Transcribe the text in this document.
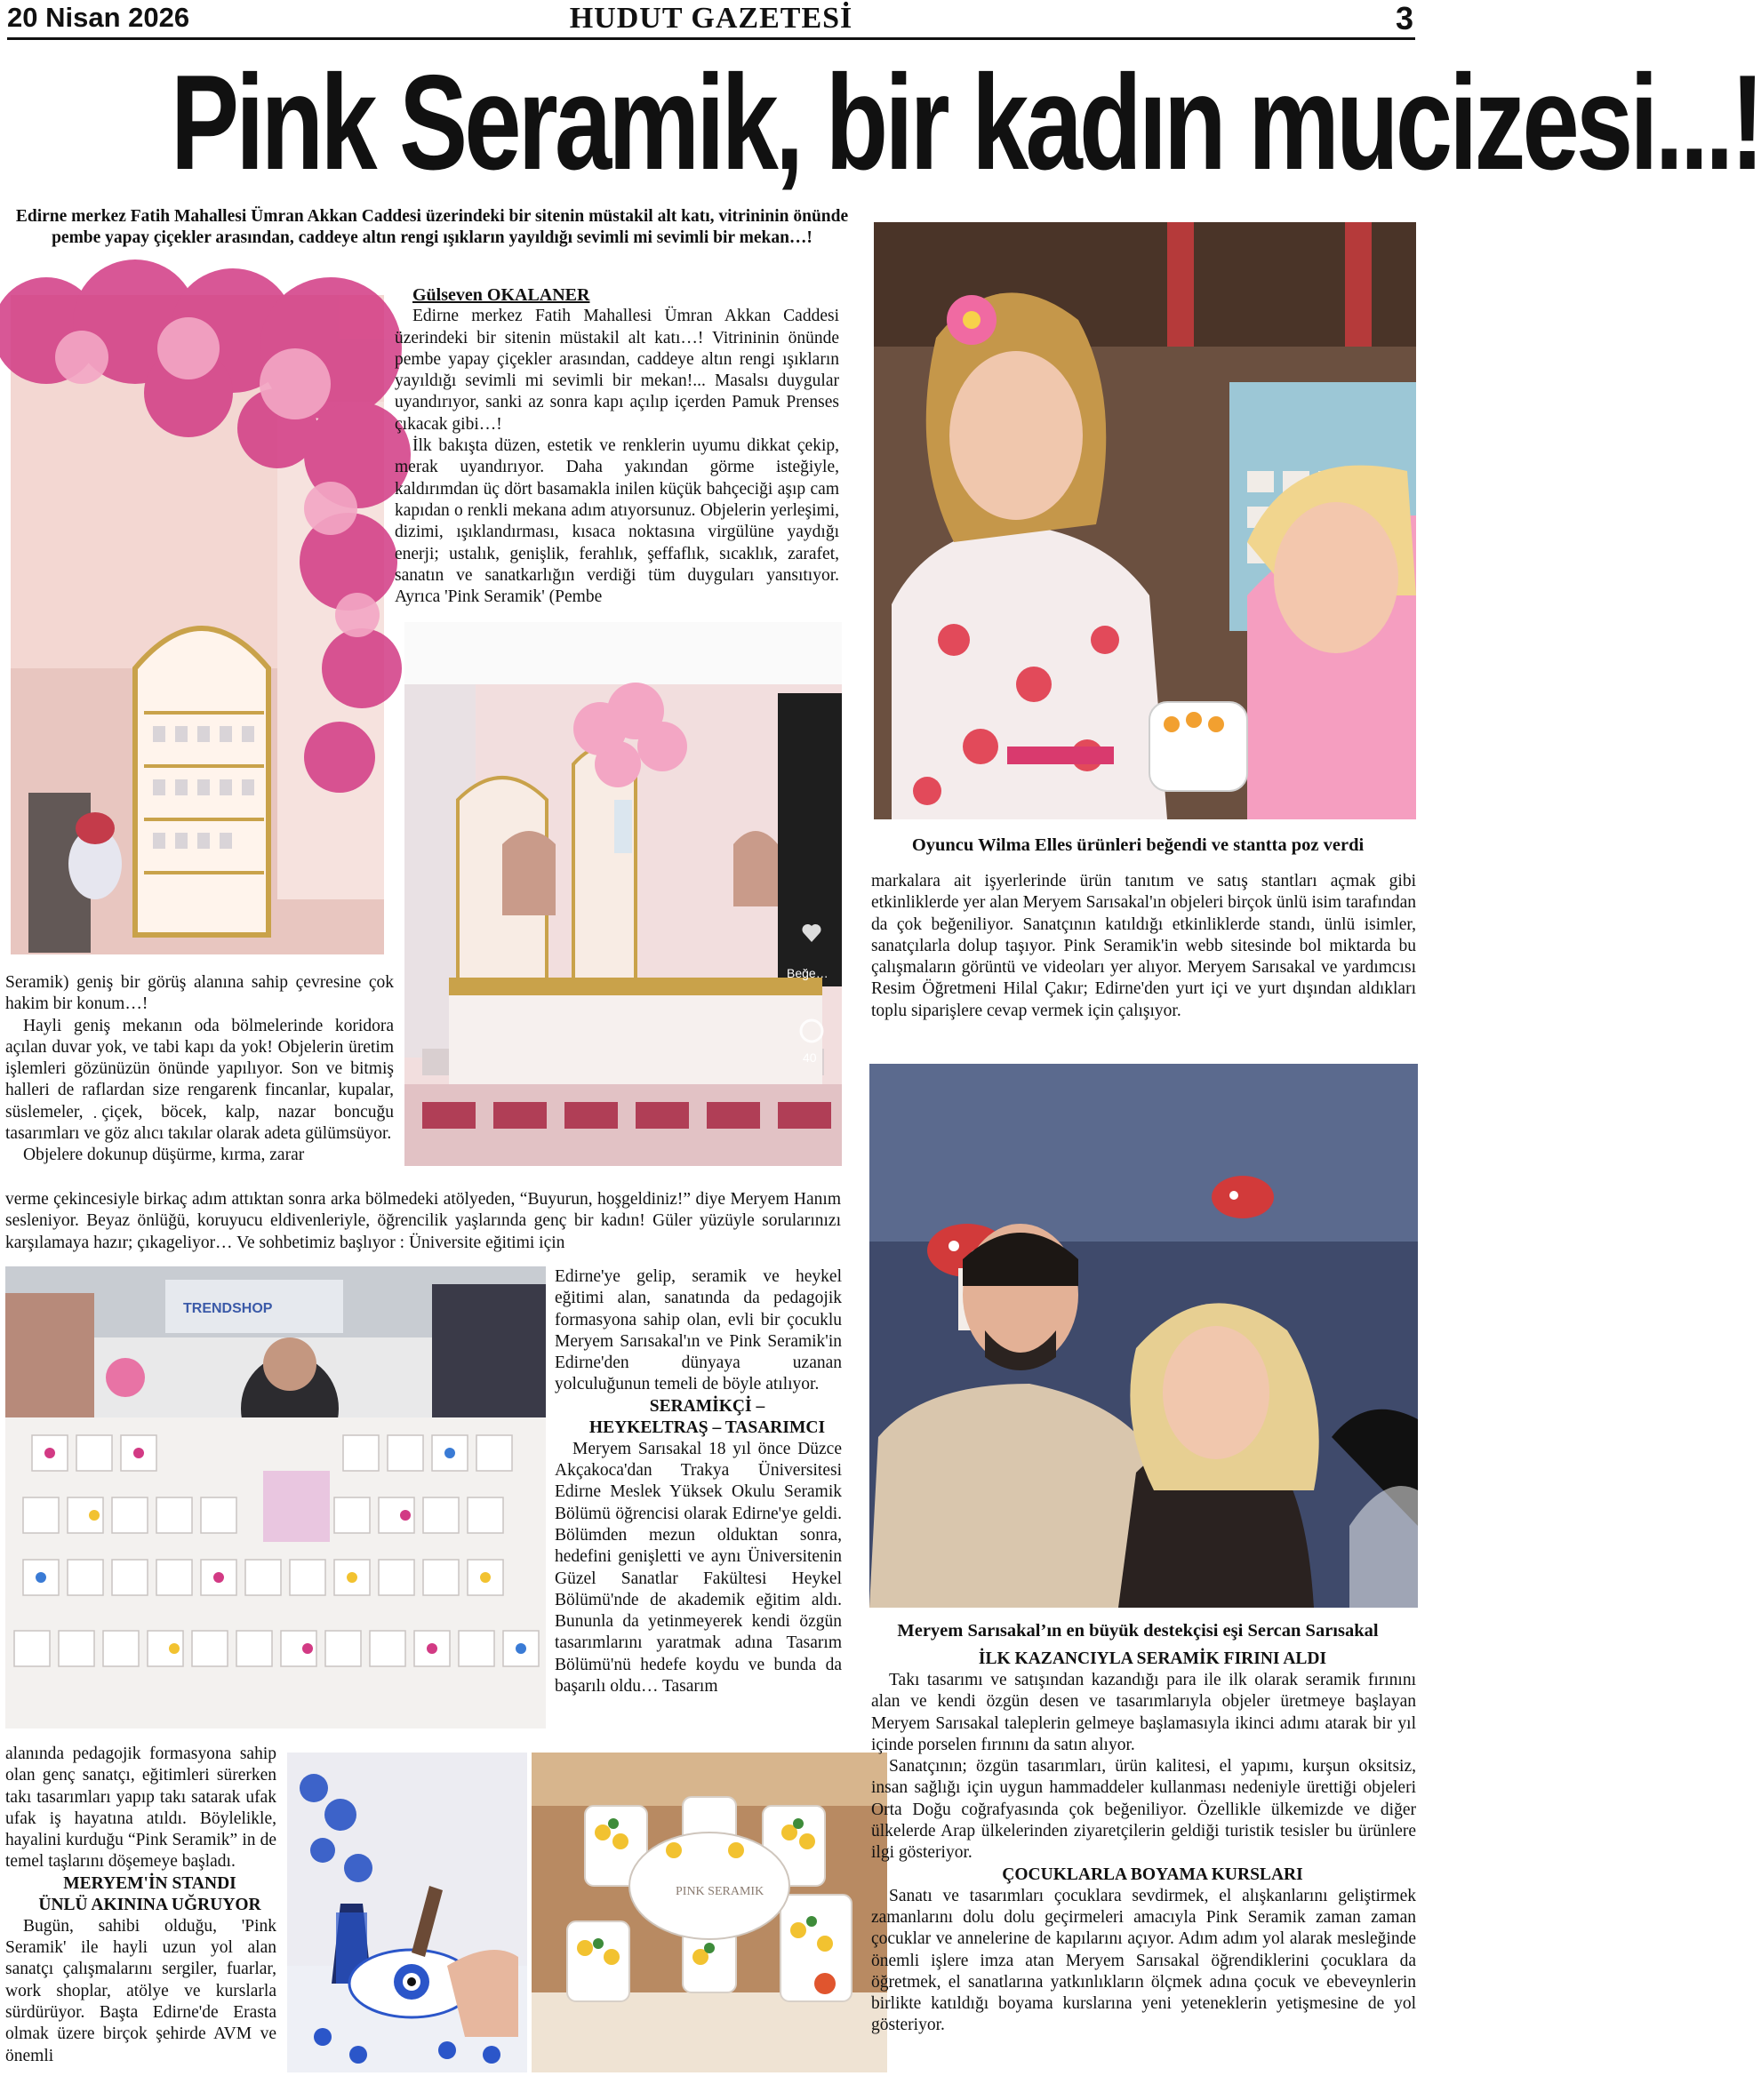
20 Nisan 2026	HUDUT GAZETESİ	3
Pink Seramik, bir kadın mucizesi...!
Edirne merkez Fatih Mahallesi Ümran Akkan Caddesi üzerindeki bir sitenin müstakil alt katı, vitrininin önünde pembe yapay çiçekler arasından, caddeye altın rengi ışıkların yayıldığı sevimli mi sevimli bir mekan…!

Gülseven OKALANER

Edirne merkez Fatih Mahallesi Ümran Akkan Caddesi üzerindeki bir sitenin müstakil alt katı…! Vitrininin önünde pembe yapay çiçekler arasından, caddeye altın rengi ışıkların yayıldığı sevimli mi sevimli bir mekan!... Masalsı duygular uyandırıyor, sanki az sonra kapı açılıp içerden Pamuk Prenses çıkacak gibi…!

İlk bakışta düzen, estetik ve renklerin uyumu dikkat çekip, merak uyandırıyor. Daha yakından görme isteğiyle, kaldırımdan üç dört basamakla inilen küçük bahçeciği aşıp cam kapıdan o renkli mekana adım atıyorsunuz. Objelerin yerleşimi, dizimi, ışıklandırması, kısaca noktasına virgülüne yaydığı enerji; ustalık, genişlik, ferahlık, şeffaflık, sıcaklık, zarafet, sanatın ve sanatkarlığın verdiği tüm duyguları yansıtıyor. Ayrıca 'Pink Seramik' (Pembe

Beğe…
40

Seramik) geniş bir görüş alanına sahip çevresine çok hakim bir konum…!

Hayli geniş mekanın oda bölmelerinde koridora açılan duvar yok, ve tabi kapı da yok! Objelerin üretim işlemleri gözünüzün önünde yapılıyor. Son ve bitmiş halleri de raflardan size rengarenk fincanlar, kupalar, süslemeler, çiçek, böcek, kalp, nazar boncuğu tasarımları ve göz alıcı takılar olarak adeta gülümsüyor.

Objelere dokunup düşürme, kırma, zarar

verme çekincesiyle birkaç adım attıktan sonra arka bölmedeki atölyeden, “Buyurun, hoşgeldiniz!” diye Meryem Hanım sesleniyor. Beyaz önlüğü, koruyucu eldivenleriyle, öğrencilik yaşlarında genç bir kadın! Güler yüzüyle sorularınızı karşılamaya hazır; çıkageliyor… Ve sohbetimiz başlıyor : Üniversite eğitimi için

TRENDSHOP

Edirne'ye gelip, seramik ve heykel eğitimi alan, sanatında da pedagojik formasyona sahip olan, evli bir çocuklu Meryem Sarısakal'ın ve Pink Seramik'in Edirne'den dünyaya uzanan yolculuğunun temeli de böyle atılıyor.

SERAMİKÇİ –

HEYKELTRAŞ – TASARIMCI

Meryem Sarısakal 18 yıl önce Düzce Akçakoca'dan Trakya Üniversitesi Edirne Meslek Yüksek Okulu Seramik Bölümü öğrencisi olarak Edirne'ye geldi. Bölümden mezun olduktan sonra, hedefini genişletti ve aynı Üniversitenin Güzel Sanatlar Fakültesi Heykel Bölümü'nde de akademik eğitim aldı. Bununla da yetinmeyerek kendi özgün tasarımlarını yaratmak adına Tasarım Bölümü'nü hedefe koydu ve bunda da başarılı oldu… Tasarım

alanında pedagojik formasyona sahip olan genç sanatçı, eğitimleri sürerken takı tasarımları yapıp takı satarak ufak ufak iş hayatına atıldı. Böylelikle, hayalini kurduğu “Pink Seramik” in de temel taşlarını döşemeye başladı.

MERYEM'İN STANDI

ÜNLÜ AKININA UĞRUYOR

Bugün, sahibi olduğu, 'Pink Seramik' ile hayli uzun yol alan sanatçı çalışmalarını sergiler, fuarlar, work shoplar, atölye ve kurslarla sürdürüyor. Başta Edirne'de Erasta olmak üzere birçok şehirde AVM ve önemli

PINK SERAMIK
Oyuncu Wilma Elles ürünleri beğendi ve stantta poz verdi

markalara ait işyerlerinde ürün tanıtım ve satış stantları açmak gibi etkinliklerde yer alan Meryem Sarısakal'ın objeleri birçok ünlü isim tarafından da çok beğeniliyor. Sanatçının katıldığı etkinliklerde standı, ünlü isimler, sanatçılarla dolup taşıyor. Pink Seramik'in webb sitesinde bol miktarda bu çalışmaların görüntü ve videoları yer alıyor. Meryem Sarısakal ve yardımcısı Resim Öğretmeni Hilal Çakır; Edirne'den yurt içi ve yurt dışından aldıkları toplu siparişlere cevap vermek için çalışıyor.

Meryem Sarısakal’ın en büyük destekçisi eşi Sercan Sarısakal

İLK KAZANCIYLA SERAMİK FIRINI ALDI

Takı tasarımı ve satışından kazandığı para ile ilk olarak seramik fırınını alan ve kendi özgün desen ve tasarımlarıyla objeler üretmeye başlayan Meryem Sarısakal taleplerin gelmeye başlamasıyla ikinci adımı atarak bir yıl içinde porselen fırınını da satın alıyor.

Sanatçının; özgün tasarımları, ürün kalitesi, el yapımı, kurşun oksitsiz, insan sağlığı için uygun hammaddeler kullanması nedeniyle ürettiği objeleri Orta Doğu coğrafyasında çok beğeniliyor. Özellikle ülkemizde ve diğer ülkelerde Arap ülkelerinden ziyaretçilerin geldiği turistik tesisler bu ürünlere ilgi gösteriyor.

ÇOCUKLARLA BOYAMA KURSLARI

Sanatı ve tasarımları çocuklara sevdirmek, el alışkanlarını geliştirmek zamanlarını dolu dolu geçirmeleri amacıyla Pink Seramik zaman zaman çocuklar ve annelerine de kapılarını açıyor. Adım adım yol alarak mesleğinde önemli işlere imza atan Meryem Sarısakal öğrendiklerini çocuklara da öğretmek, el sanatlarına yatkınlıkların ölçmek adına çocuk ve ebeveynlerin birlikte katıldığı boyama kurslarına yeni yeteneklerin yetişmesine de yol gösteriyor.
